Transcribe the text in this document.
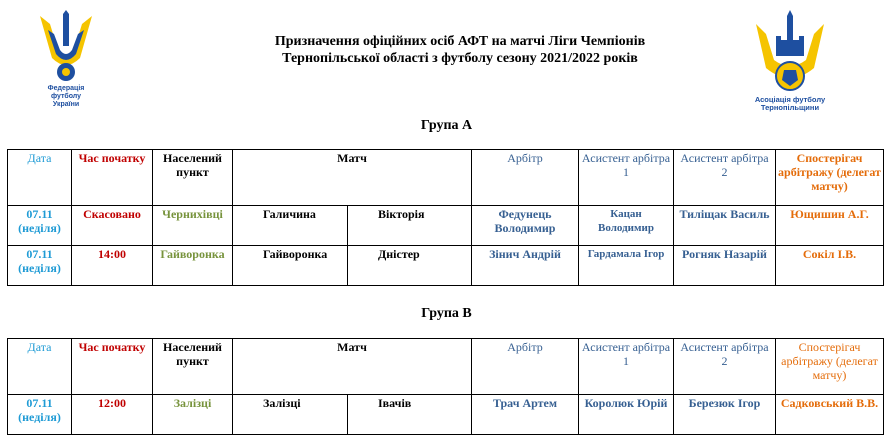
Федерація
футболу
України
Асоціація футболу
Тернопільщини
Призначення офіційних осіб АФТ на матчі Ліги Чемпіонів
Тернопільської області з футболу сезону 2021/2022 років
Група А
Дата	Час початку	Населений пункт	Матч		Арбітр	Асистент арбітра 1	Асистент арбітра 2	Спостерігач арбітражу (делегат матчу)
07.11 (неділя)	Скасовано	Чернихівці	Галичина	Вікторія	Федунець Володимир	Кацан Володимир	Тиліщак Василь	Ющишин А.Г.
07.11 (неділя)	14:00	Гайворонка	Гайворонка	Дністер	Зінич Андрій	Гардамала Ігор	Рогняк Назарій	Сокіл І.В.
Група В
Дата	Час початку	Населений пункт	Матч		Арбітр	Асистент арбітра 1	Асистент арбітра 2	Спостерігач арбітражу (делегат матчу)
07.11 (неділя)	12:00	Залізці	Залізці	Івачів	Трач Артем	Королюк Юрій	Березюк Ігор	Садковський В.В.
